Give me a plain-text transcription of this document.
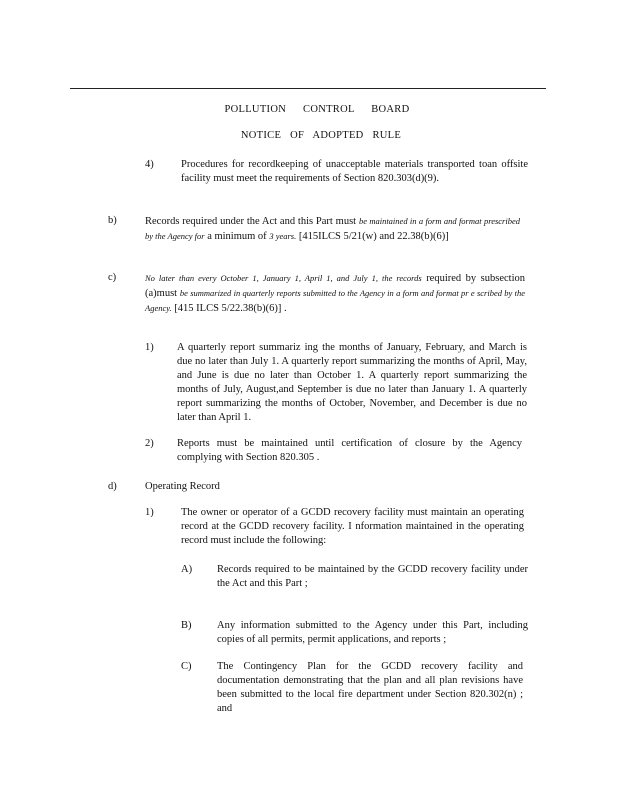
POLLUTION CONTROL BOARD
NOTICE OF ADOPTED RULE
4)	Procedures for recordkeeping of unacceptable materials transported toan offsite facility must meet the requirements of Section 820.303(d)(9).
b)	Records required under the Act and this Part must be maintained in a form and format prescribed by the Agency for a minimum of 3 years. [415ILCS 5/21(w) and 22.38(b)(6)]
c)	No later than every October 1, January 1, April 1, and July 1, the records required by subsection (a)must be summarized in quarterly reports submitted to the Agency in a form and format pr e scribed by the Agency. [415 ILCS 5/22.38(b)(6)] .
1) A quarterly report summariz ing the months of January, February, and March is due no later than July 1. A quarterly report summarizing the months of April, May, and June is due no later than October 1. A quarterly report summarizing the months of July, August,and September is due no later than January 1. A quarterly report summarizing the months of October, November, and December is due no later than April 1.
2) Reports must be maintained until certification of closure by the Agency complying with Section 820.305 .
d)	Operating Record
1)	The owner or operator of a GCDD recovery facility must maintain an operating record at the GCDD recovery facility. I nformation maintained in the operating record must include the following:
A) Records required to be maintained by the GCDD recovery facility under the Act and this Part ;
B) Any information submitted to the Agency under this Part, including copies of all permits, permit applications, and reports ;
C) The Contingency Plan for the GCDD recovery facility and documentation demonstrating that the plan and all plan revisions have been submitted to the local fire department under Section 820.302(n) ; and
